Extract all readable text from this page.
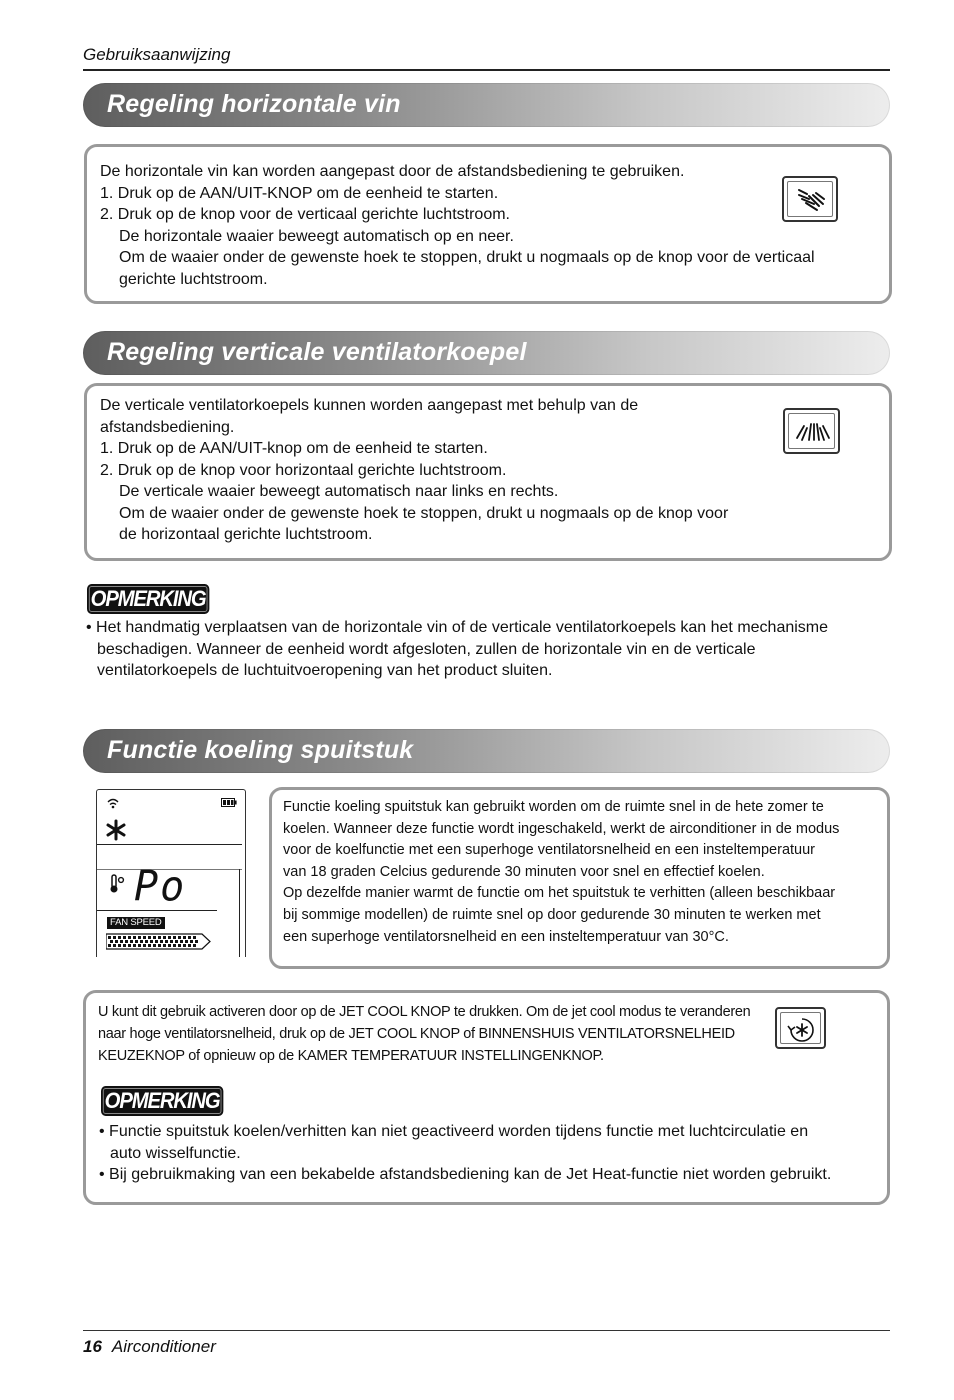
Gebruiksaanwijzing
Regeling horizontale vin

De horizontale vin kan worden aangepast door de afstandsbediening te gebruiken.

1. Druk op de AAN/UIT-KNOP om de eenheid te starten.

2. Druk op de knop voor de verticaal gerichte luchtstroom.

De horizontale waaier beweegt automatisch op en neer.

Om de waaier onder de gewenste hoek te stoppen, drukt u nogmaals op de knop voor de verticaal

gerichte luchtstroom.

Regeling verticale ventilatorkoepel

De verticale ventilatorkoepels kunnen worden aangepast met behulp van de

afstandsbediening.

1. Druk op de AAN/UIT-knop om de eenheid te starten.

2. Druk op de knop voor horizontaal gerichte luchtstroom.

De verticale waaier beweegt automatisch naar links en rechts.

Om de waaier onder de gewenste hoek te stoppen, drukt u nogmaals op de knop voor

de horizontaal gerichte luchtstroom.

OPMERKING

• Het handmatig verplaatsen van de horizontale vin of de verticale ventilatorkoepels kan het mechanisme

beschadigen. Wanneer de eenheid wordt afgesloten, zullen de horizontale vin en de verticale

ventilatorkoepels de luchtuitvoeropening van het product sluiten.

Functie koeling spuitstuk
Po
FAN SPEED

Functie koeling spuitstuk kan gebruikt worden om de ruimte snel in de hete zomer te

koelen. Wanneer deze functie wordt ingeschakeld, werkt de airconditioner in de modus

voor de koelfunctie met een superhoge ventilatorsnelheid en een insteltemperatuur

van 18 graden Celcius gedurende 30 minuten voor snel en effectief koelen.

Op dezelfde manier warmt de functie om het spuitstuk te verhitten (alleen beschikbaar

bij sommige modellen) de ruimte snel op door gedurende 30 minuten te werken met

een superhoge ventilatorsnelheid en een insteltemperatuur van 30°C.

U kunt dit gebruik activeren door op de JET COOL KNOP te drukken. Om de jet cool modus te veranderen

naar hoge ventilatorsnelheid, druk op de JET COOL KNOP of BINNENSHUIS VENTILATORSNELHEID

KEUZEKNOP of opnieuw op de KAMER TEMPERATUUR INSTELLINGENKNOP.

OPMERKING

• Functie spuitstuk koelen/verhitten kan niet geactiveerd worden tijdens functie met luchtcirculatie en

auto wisselfunctie.

• Bij gebruikmaking van een bekabelde afstandsbediening kan de Jet Heat-functie niet worden gebruikt.

16 Airconditioner
